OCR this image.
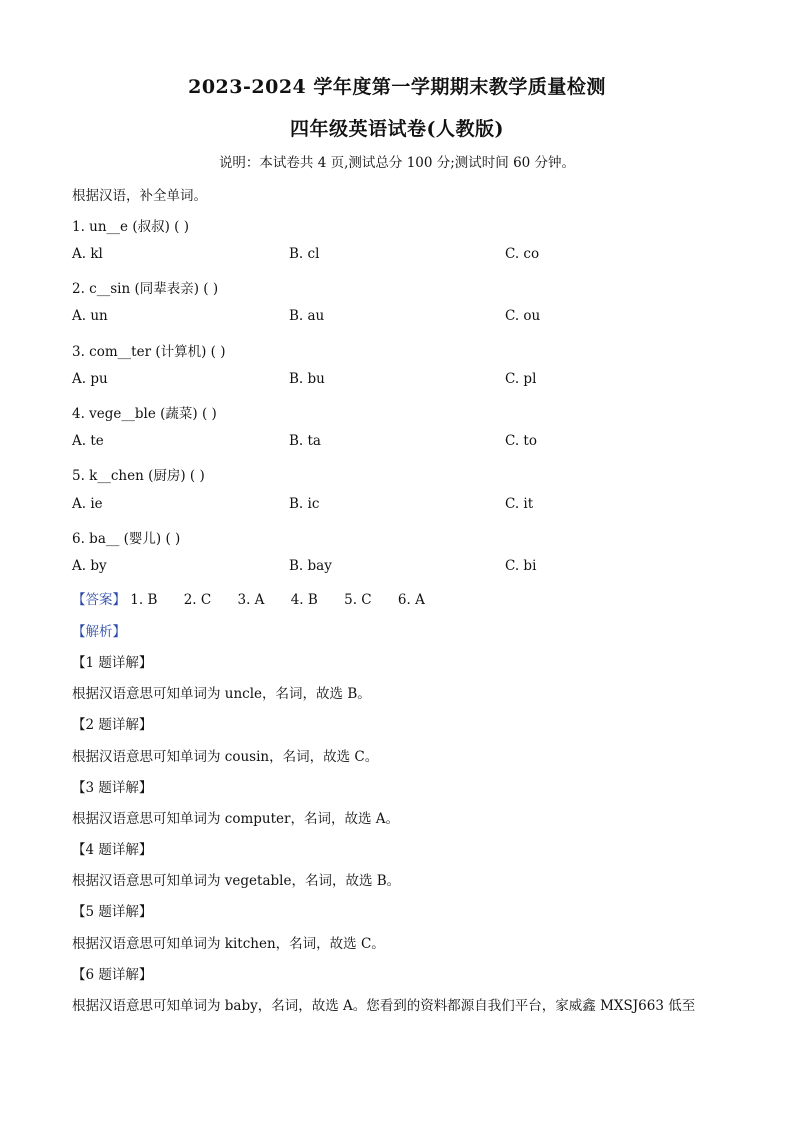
2023-2024 学年度第一学期期末教学质量检测
四年级英语试卷(人教版)
说明：本试卷共 4 页,测试总分 100 分;测试时间 60 分钟。
根据汉语，补全单词。
1. un__e (叔叔) ( )
A. kl	B. cl	C. co
2. c__sin (同辈表亲) ( )
A. un	B. au	C. ou
3. com__ter (计算机) ( )
A. pu	B. bu	C. pl
4. vege__ble (蔬菜) ( )
A. te	B. ta	C. to
5. k__chen (厨房) ( )
A. ie	B. ic	C. it
6. ba__ (婴儿) ( )
A. by	B. bay	C. bi
【答案】 1. B 2. C 3. A 4. B 5. C 6. A
【解析】
【1 题详解】
根据汉语意思可知单词为 uncle，名词，故选 B。
【2 题详解】
根据汉语意思可知单词为 cousin，名词，故选 C。
【3 题详解】
根据汉语意思可知单词为 computer，名词，故选 A。
【4 题详解】
根据汉语意思可知单词为 vegetable，名词，故选 B。
【5 题详解】
根据汉语意思可知单词为 kitchen，名词，故选 C。
【6 题详解】
根据汉语意思可知单词为 baby，名词，故选 A。您看到的资料都源自我们平台，家威鑫 MXSJ663 低至
